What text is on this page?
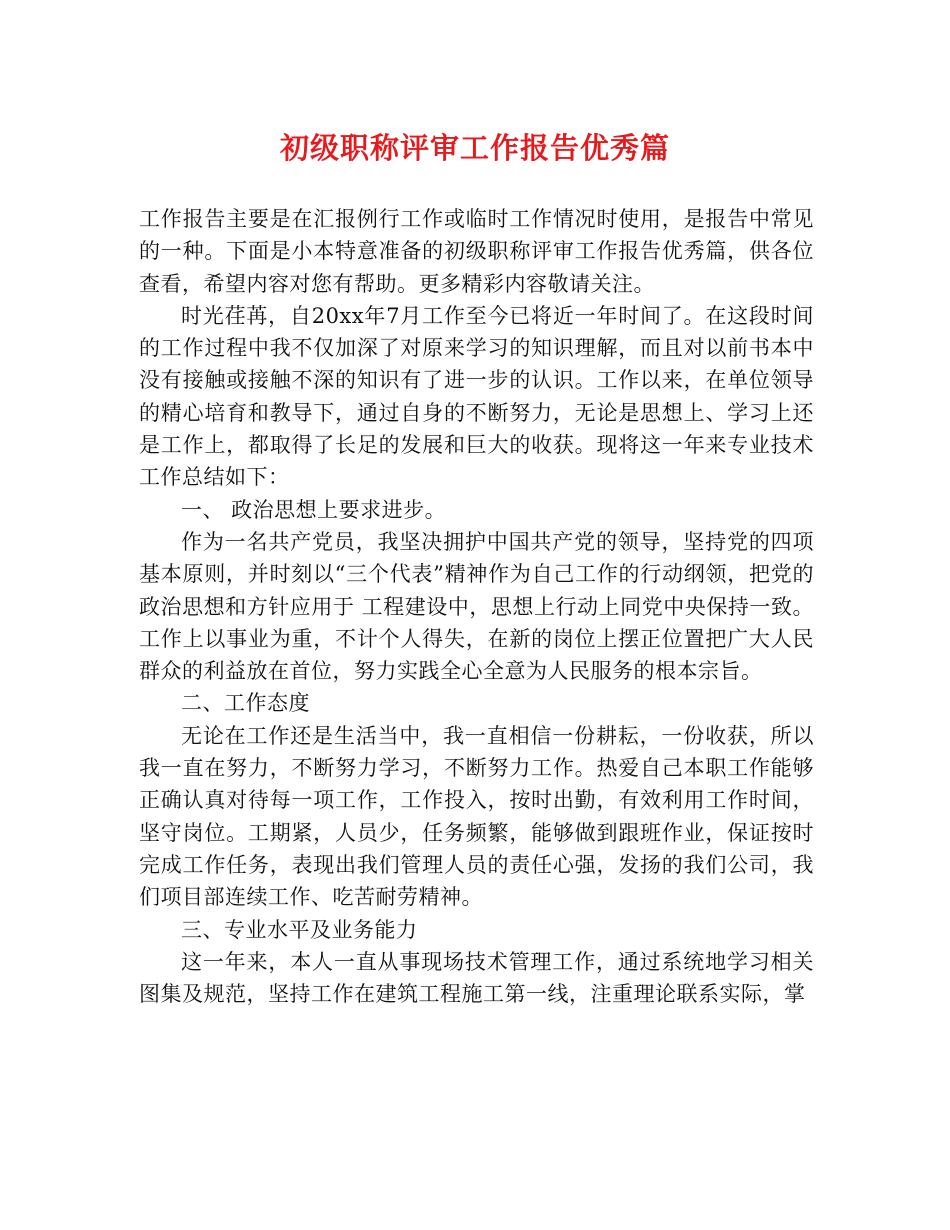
初级职称评审工作报告优秀篇

工作报告主要是在汇报例行工作或临时工作情况时使用，是报告中常见的一种。下面是小本特意准备的初级职称评审工作报告优秀篇，供各位查看，希望内容对您有帮助。更多精彩内容敬请关注。

时光荏苒，自20xx年7月工作至今已将近一年时间了。在这段时间的工作过程中我不仅加深了对原来学习的知识理解，而且对以前书本中没有接触或接触不深的知识有了进一步的认识。工作以来，在单位领导的精心培育和教导下，通过自身的不断努力，无论是思想上、学习上还是工作上，都取得了长足的发展和巨大的收获。现将这一年来专业技术工作总结如下：

一、 政治思想上要求进步。

作为一名共产党员，我坚决拥护中国共产党的领导，坚持党的四项基本原则，并时刻以“三个代表”精神作为自己工作的行动纲领，把党的政治思想和方针应用于 工程建设中，思想上行动上同党中央保持一致。工作上以事业为重，不计个人得失，在新的岗位上摆正位置把广大人民群众的利益放在首位，努力实践全心全意为人民服务的根本宗旨。

二、工作态度

无论在工作还是生活当中，我一直相信一份耕耘，一份收获，所以我一直在努力，不断努力学习，不断努力工作。热爱自己本职工作能够正确认真对待每一项工作，工作投入，按时出勤，有效利用工作时间，坚守岗位。工期紧，人员少，任务频繁，能够做到跟班作业，保证按时完成工作任务，表现出我们管理人员的责任心强，发扬的我们公司，我们项目部连续工作、吃苦耐劳精神。

三、专业水平及业务能力

这一年来，本人一直从事现场技术管理工作，通过系统地学习相关图集及规范，坚持工作在建筑工程施工第一线，注重理论联系实际，掌
